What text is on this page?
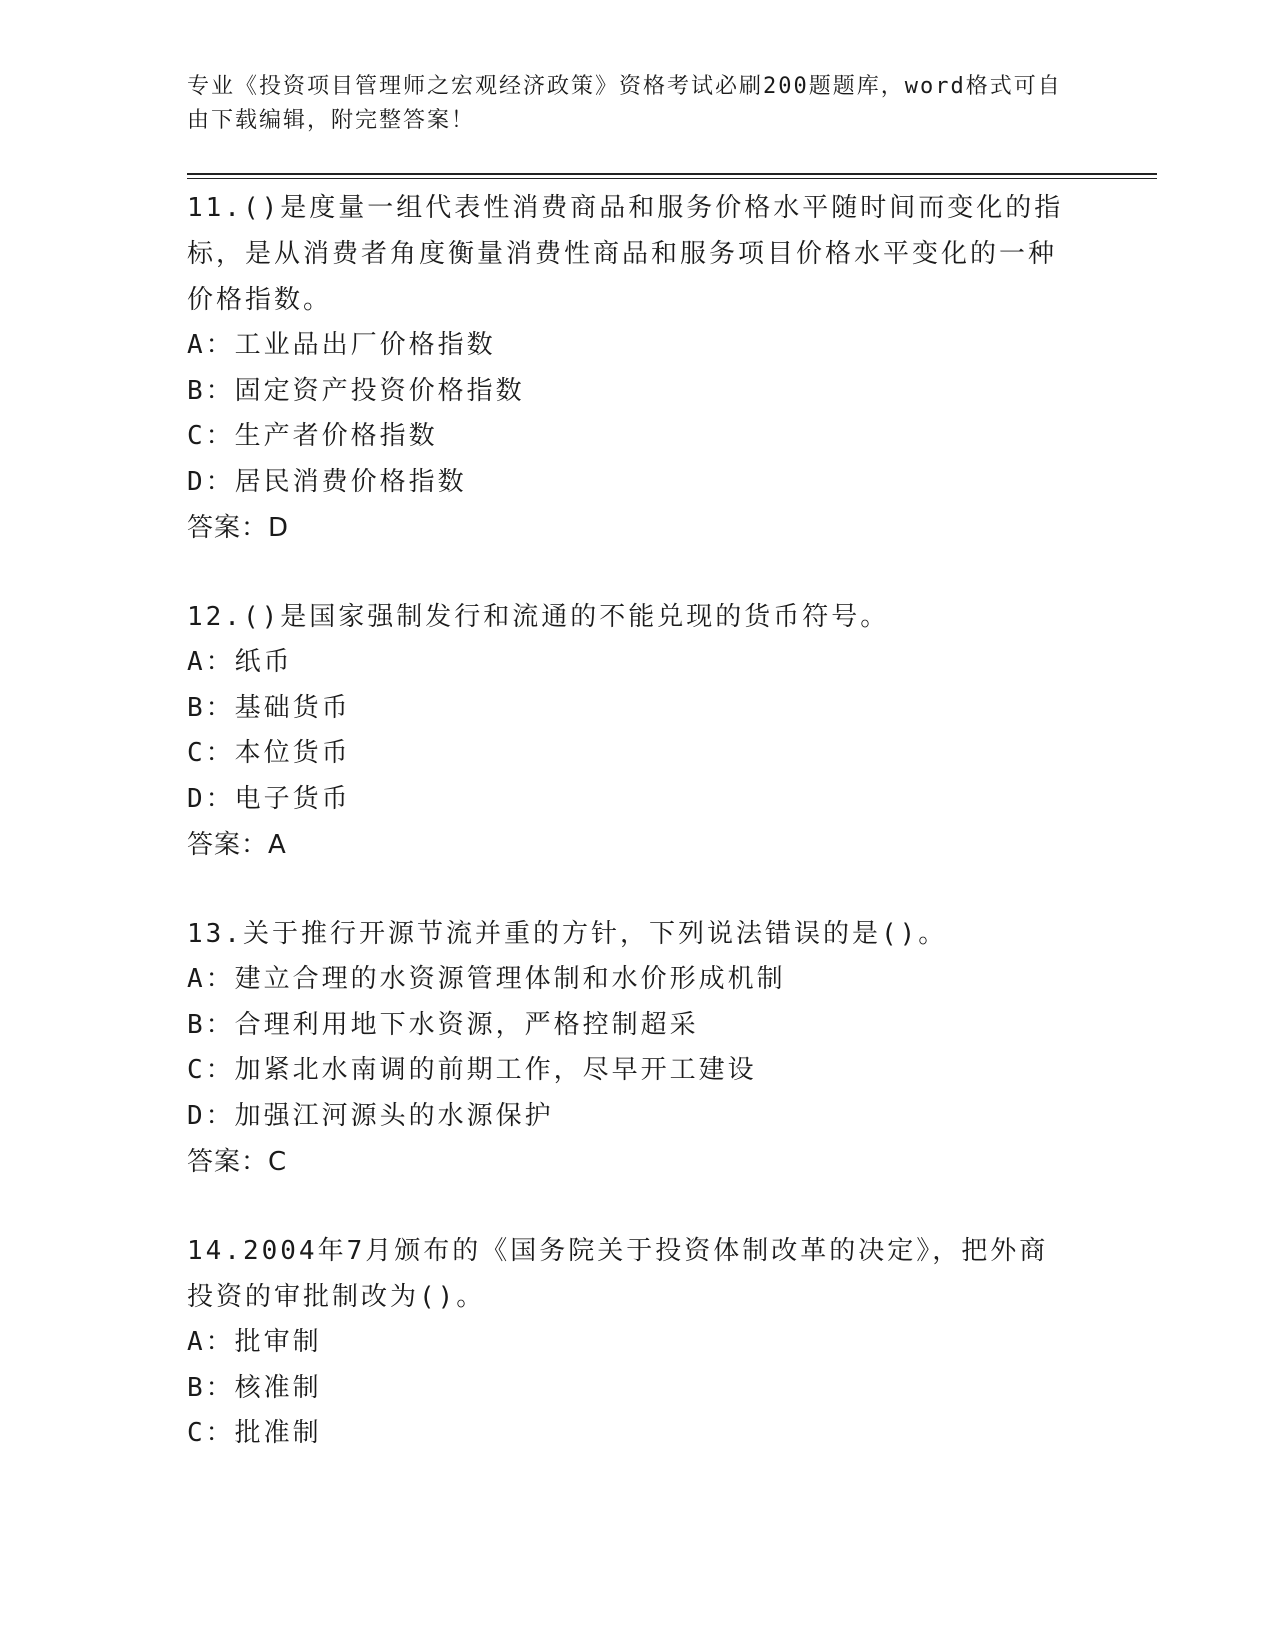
专业《投资项目管理师之宏观经济政策》资格考试必刷200题题库，word格式可自由下载编辑，附完整答案！

11.()是度量一组代表性消费商品和服务价格水平随时间而变化的指标，是从消费者角度衡量消费性商品和服务项目价格水平变化的一种价格指数。

A：工业品出厂价格指数

B：固定资产投资价格指数

C：生产者价格指数

D：居民消费价格指数

答案：D

12.()是国家强制发行和流通的不能兑现的货币符号。

A：纸币

B：基础货币

C：本位货币

D：电子货币

答案：A

13.关于推行开源节流并重的方针，下列说法错误的是()。

A：建立合理的水资源管理体制和水价形成机制

B：合理利用地下水资源，严格控制超采

C：加紧北水南调的前期工作，尽早开工建设

D：加强江河源头的水源保护

答案：C

14.2004年7月颁布的《国务院关于投资体制改革的决定》，把外商投资的审批制改为()。

A：批审制

B：核准制

C：批准制
